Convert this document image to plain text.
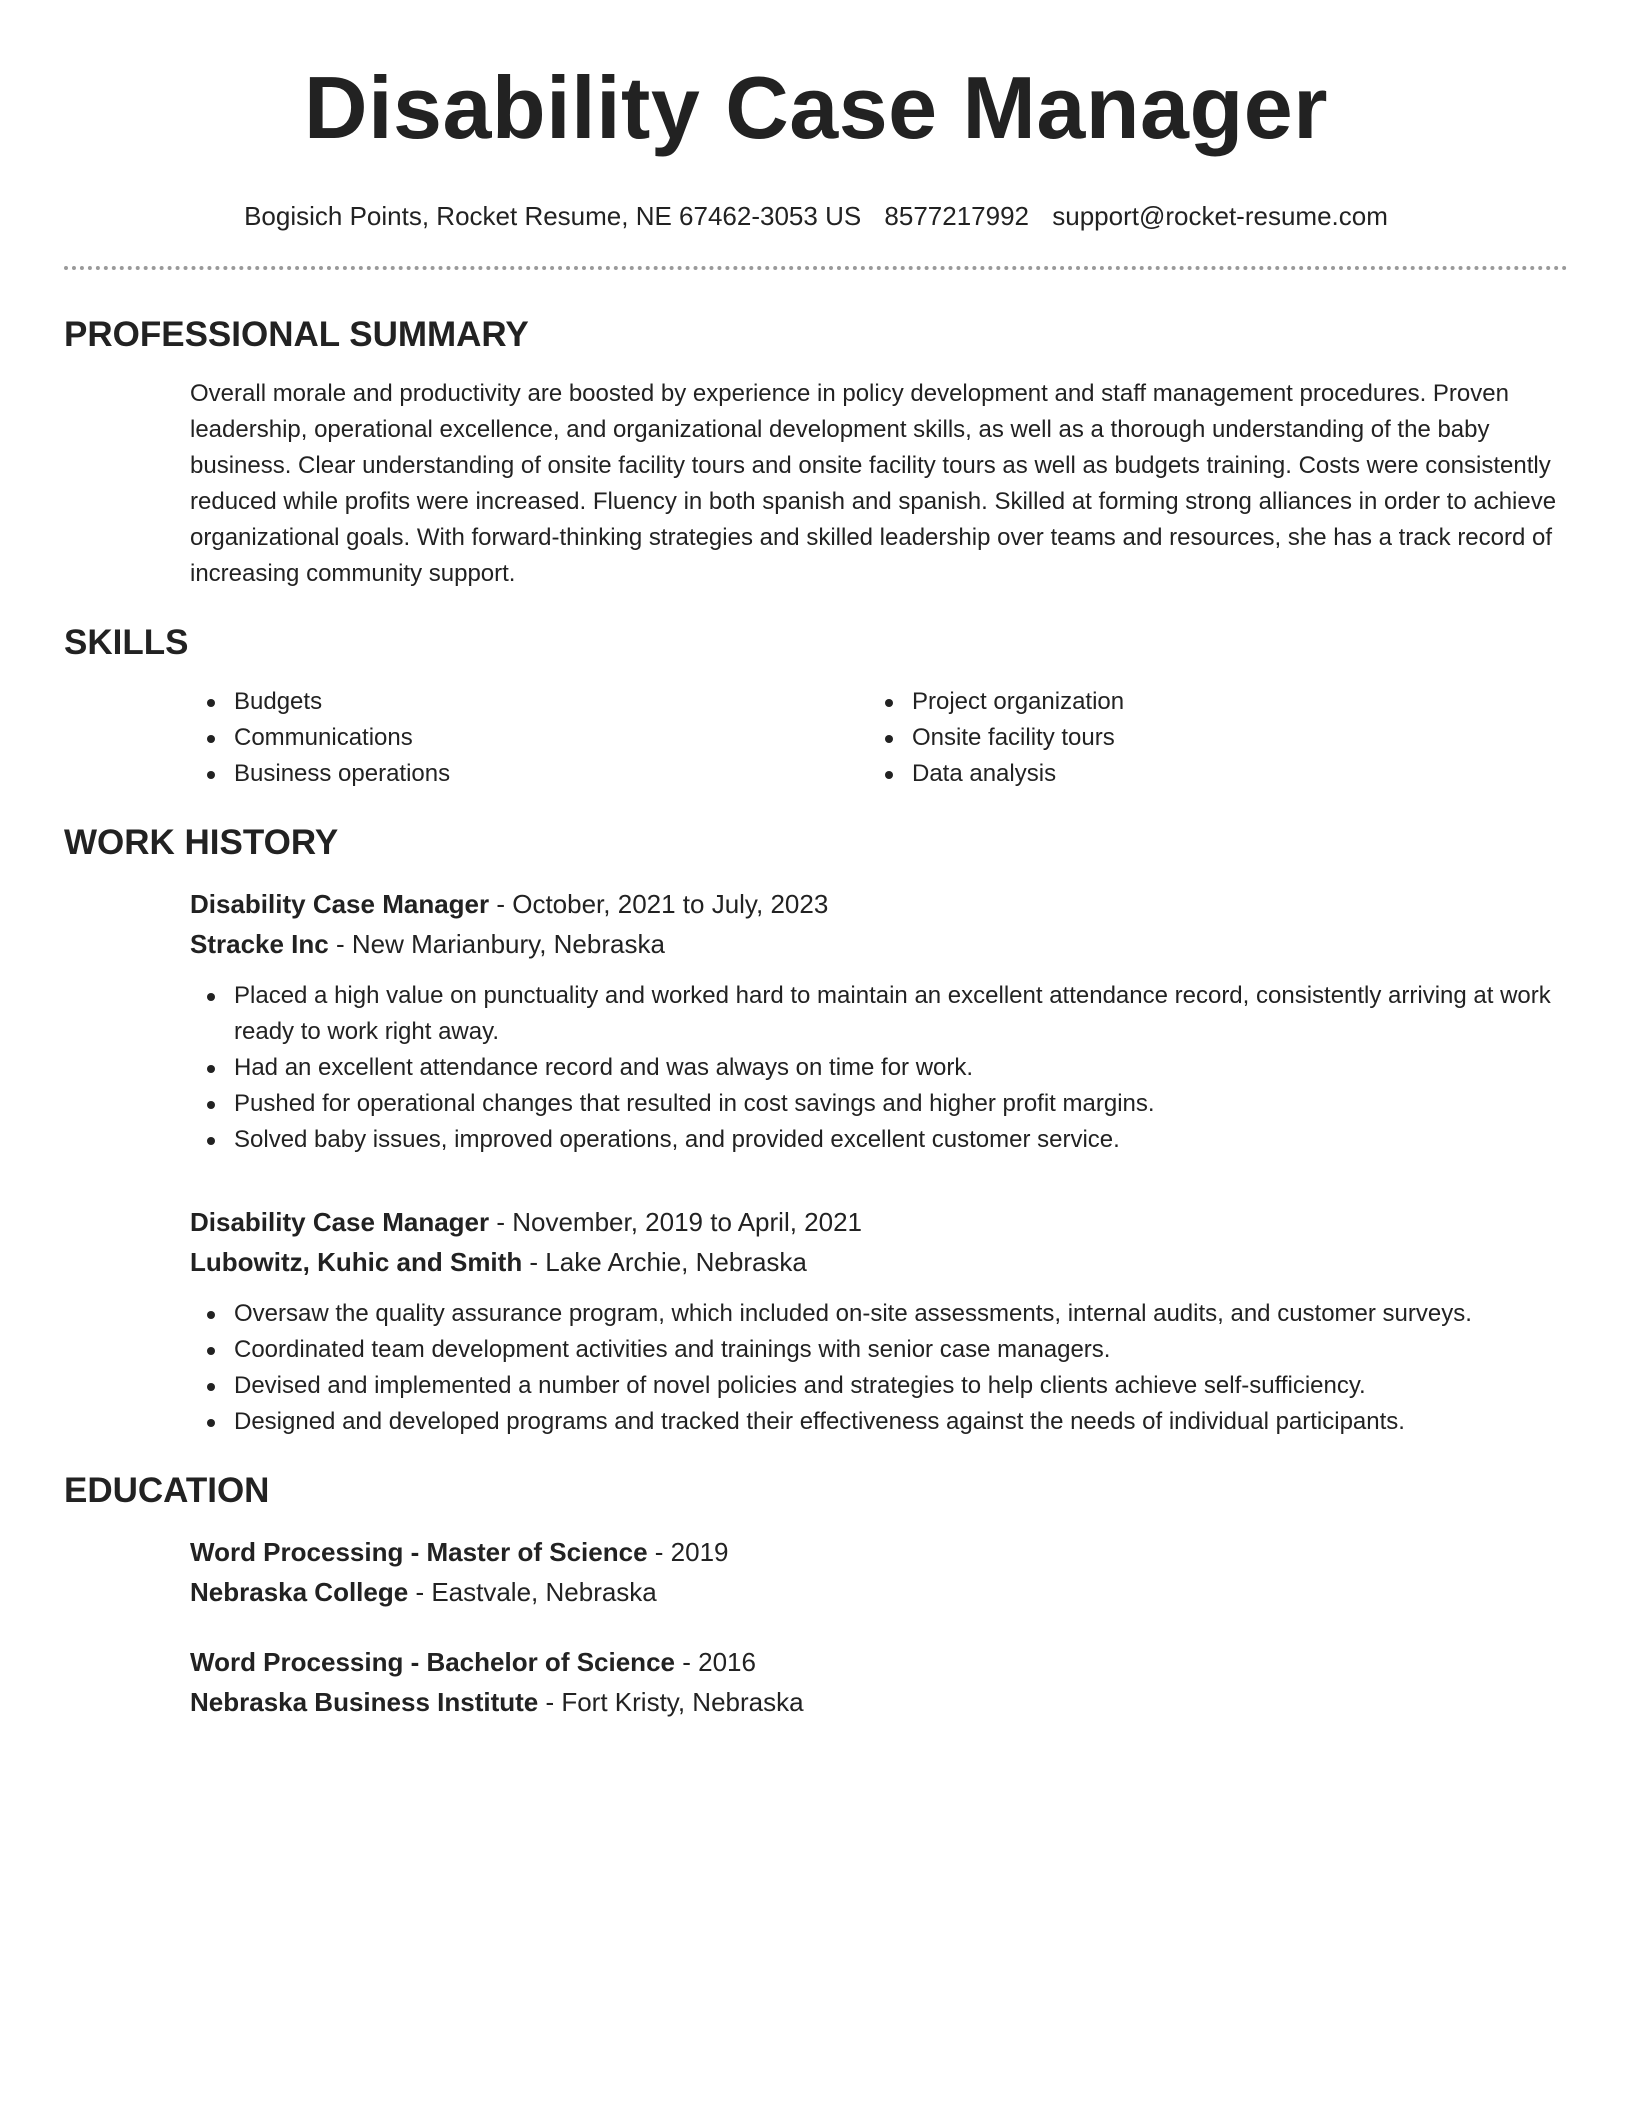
Disability Case Manager
Bogisich Points, Rocket Resume, NE 67462-3053 US 8577217992 support@rocket-resume.com
PROFESSIONAL SUMMARY

Overall morale and productivity are boosted by experience in policy development and staff management procedures. Proven leadership, operational excellence, and organizational development skills, as well as a thorough understanding of the baby business. Clear understanding of onsite facility tours and onsite facility tours as well as budgets training. Costs were consistently reduced while profits were increased. Fluency in both spanish and spanish. Skilled at forming strong alliances in order to achieve organizational goals. With forward-thinking strategies and skilled leadership over teams and resources, she has a track record of increasing community support.

SKILLS
Budgets
Communications
Business operations
Project organization
Onsite facility tours
Data analysis
WORK HISTORY
Disability Case Manager - October, 2021 to July, 2023
Stracke Inc - New Marianbury, Nebraska
Placed a high value on punctuality and worked hard to maintain an excellent attendance record, consistently arriving at work ready to work right away.
Had an excellent attendance record and was always on time for work.
Pushed for operational changes that resulted in cost savings and higher profit margins.
Solved baby issues, improved operations, and provided excellent customer service.
Disability Case Manager - November, 2019 to April, 2021
Lubowitz, Kuhic and Smith - Lake Archie, Nebraska
Oversaw the quality assurance program, which included on-site assessments, internal audits, and customer surveys.
Coordinated team development activities and trainings with senior case managers.
Devised and implemented a number of novel policies and strategies to help clients achieve self-sufficiency.
Designed and developed programs and tracked their effectiveness against the needs of individual participants.
EDUCATION
Word Processing - Master of Science - 2019
Nebraska College - Eastvale, Nebraska
Word Processing - Bachelor of Science - 2016
Nebraska Business Institute - Fort Kristy, Nebraska
